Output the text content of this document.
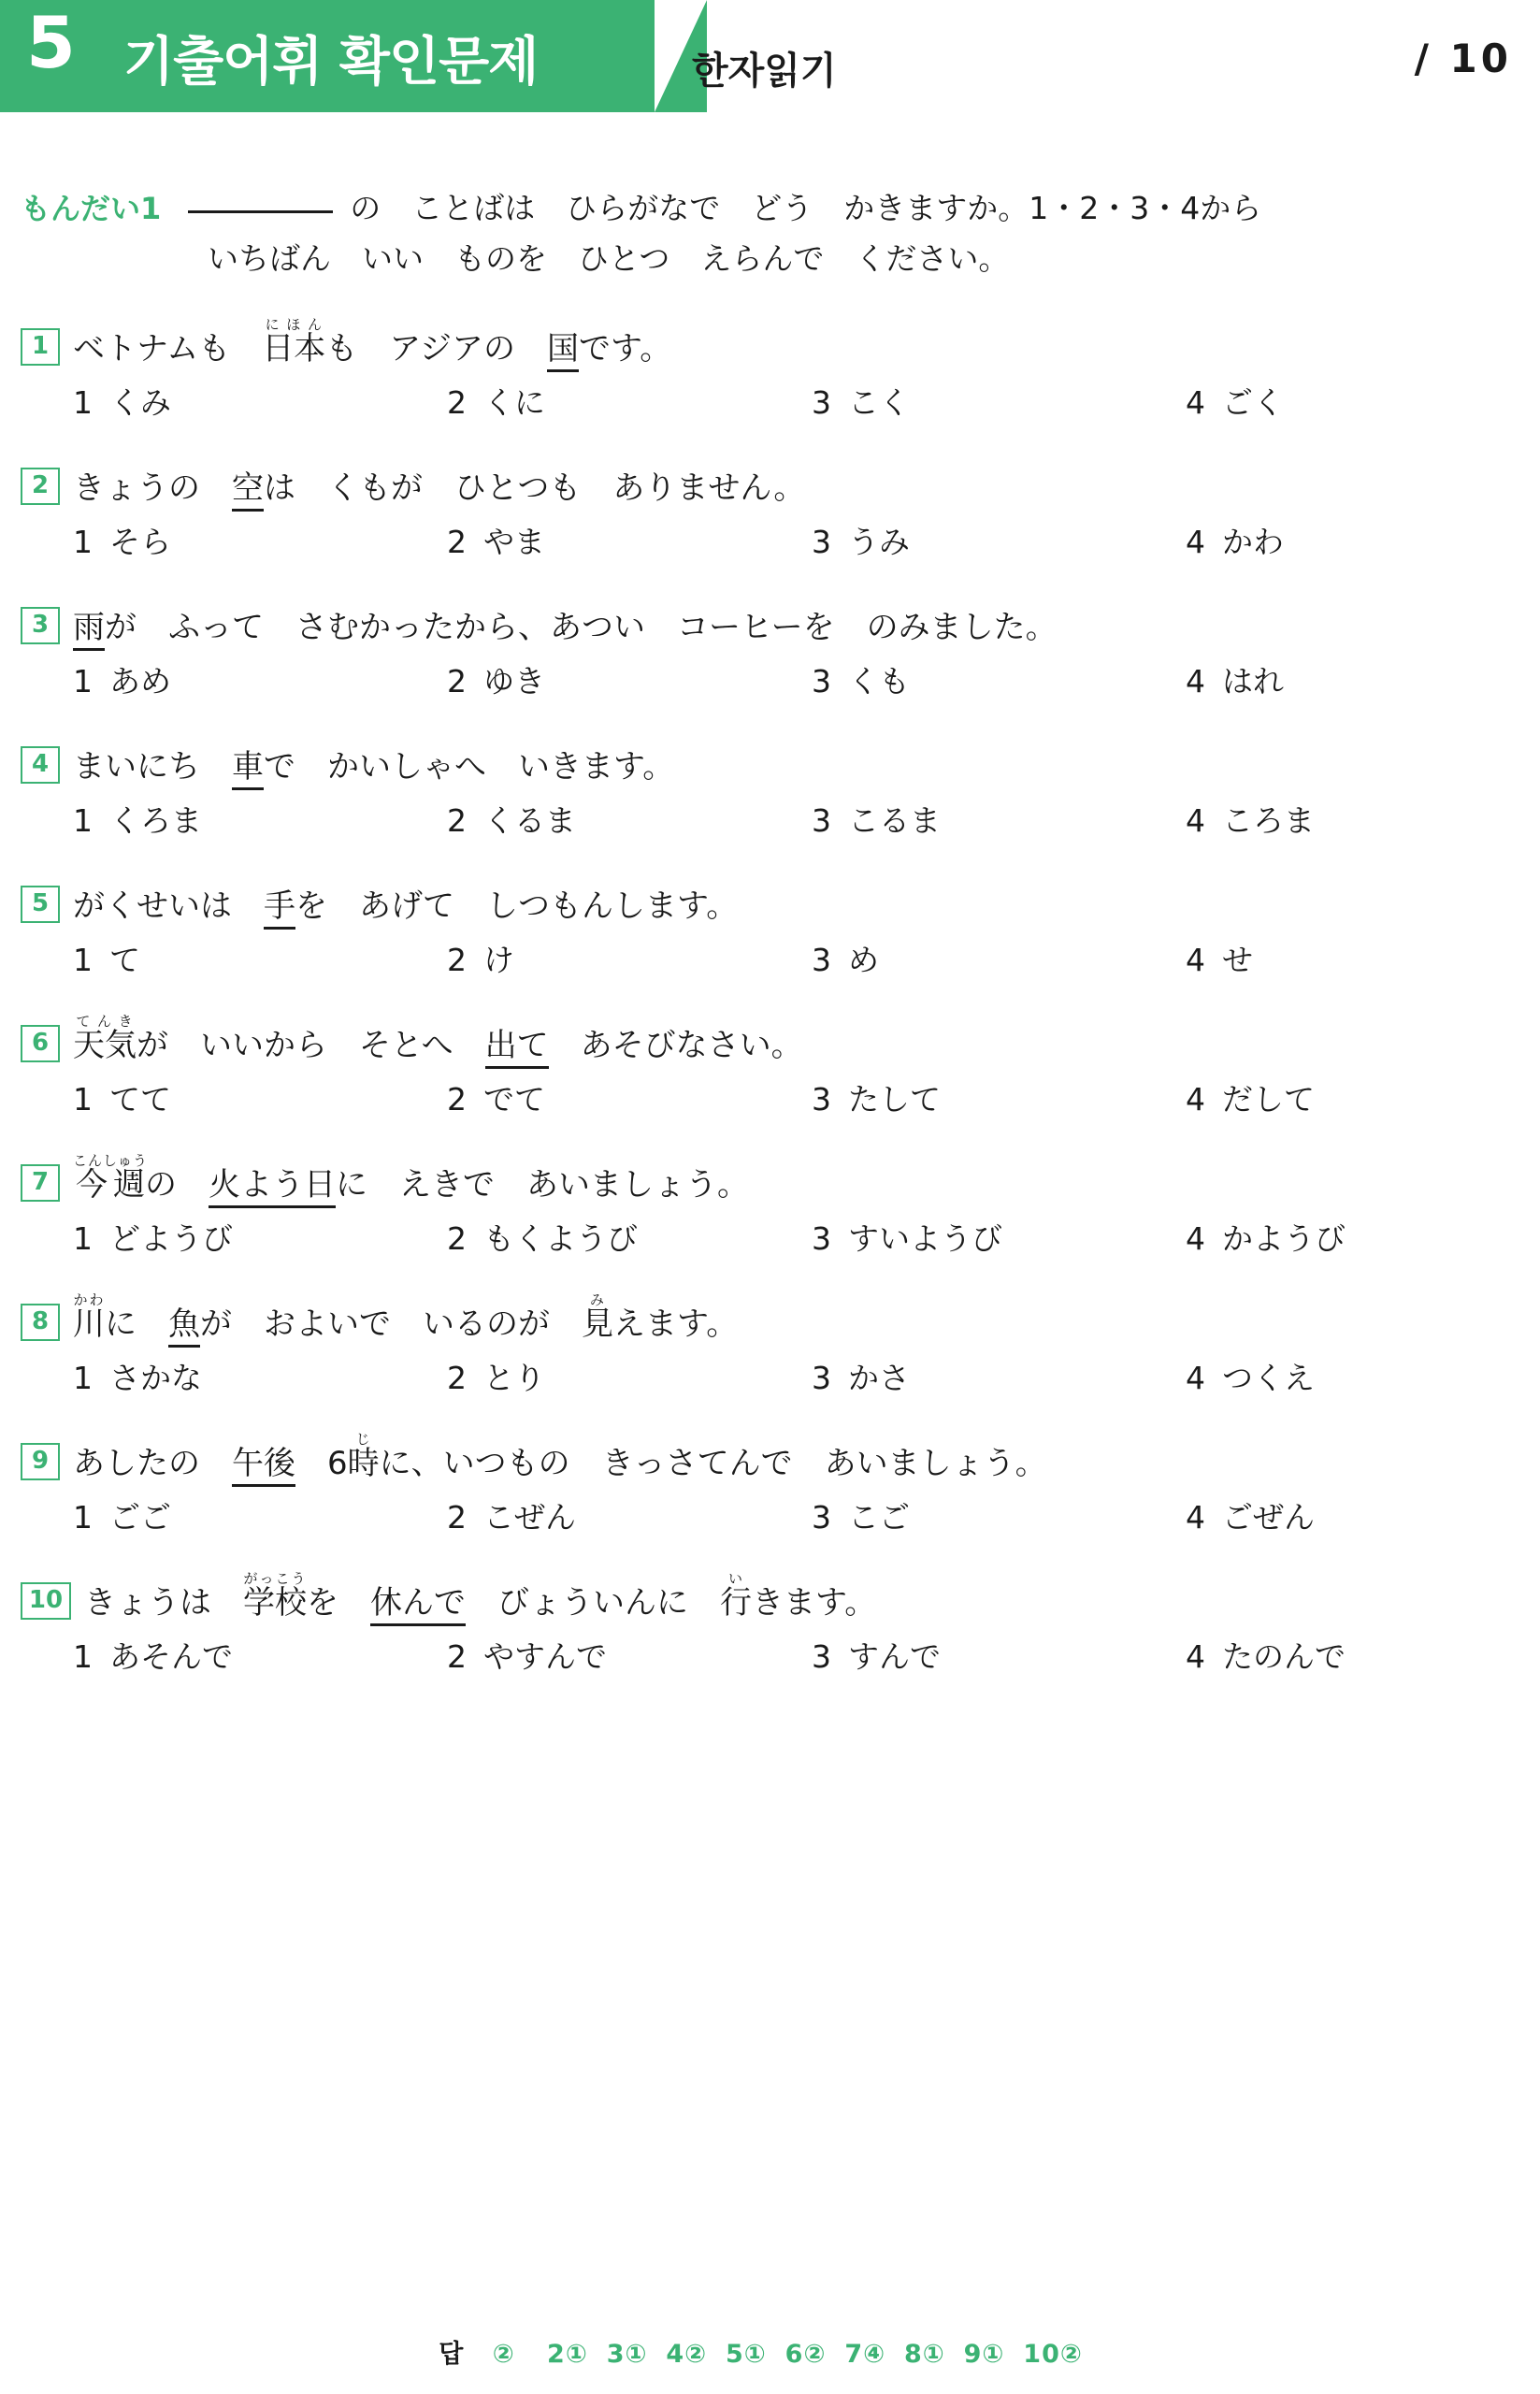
5 기출어휘 확인문제	한자읽기	/ 10
もんだい1	の　ことばは　ひらがなで　どう　かきますか。1・2・3・4から
いちばん　いい　ものを　ひとつ　えらんで　ください。
1 ベトナムも　日本にほんも　アジアの　国です。
1 くみ	2 くに	3 こく	4 ごく
2 きょうの　空は　くもが　ひとつも　ありません。
1 そら	2 やま	3 うみ	4 かわ
3 雨が　ふって　さむかったから、あつい　コーヒーを　のみました。
1 あめ	2 ゆき	3 くも	4 はれ
4 まいにち　車で　かいしゃへ　いきます。
1 くろま	2 くるま	3 こるま	4 ころま
5 がくせいは　手を　あげて　しつもんします。
1 て	2 け	3 め	4 せ
6 天気てんきが　いいから　そとへ　出て　あそびなさい。
1 てて	2 でて	3 たして	4 だして
7 今週こんしゅうの　火よう日に　えきで　あいましょう。
1 どようび	2 もくようび	3 すいようび	4 かようび
8 川かわに　魚が　およいで　いるのが　見みえます。
1 さかな	2 とり	3 かさ	4 つくえ
9 あしたの　午後　6時じに、いつもの　きっさてんで　あいましょう。
1 ごご	2 こぜん	3 こご	4 ごぜん
10 きょうは　学校がっこうを　休んで　びょういんに　行いきます。
1 あそんで	2 やすんで	3 すんで	4 たのんで
답 ② 2① 3① 4② 5① 6② 7④ 8① 9① 10②
